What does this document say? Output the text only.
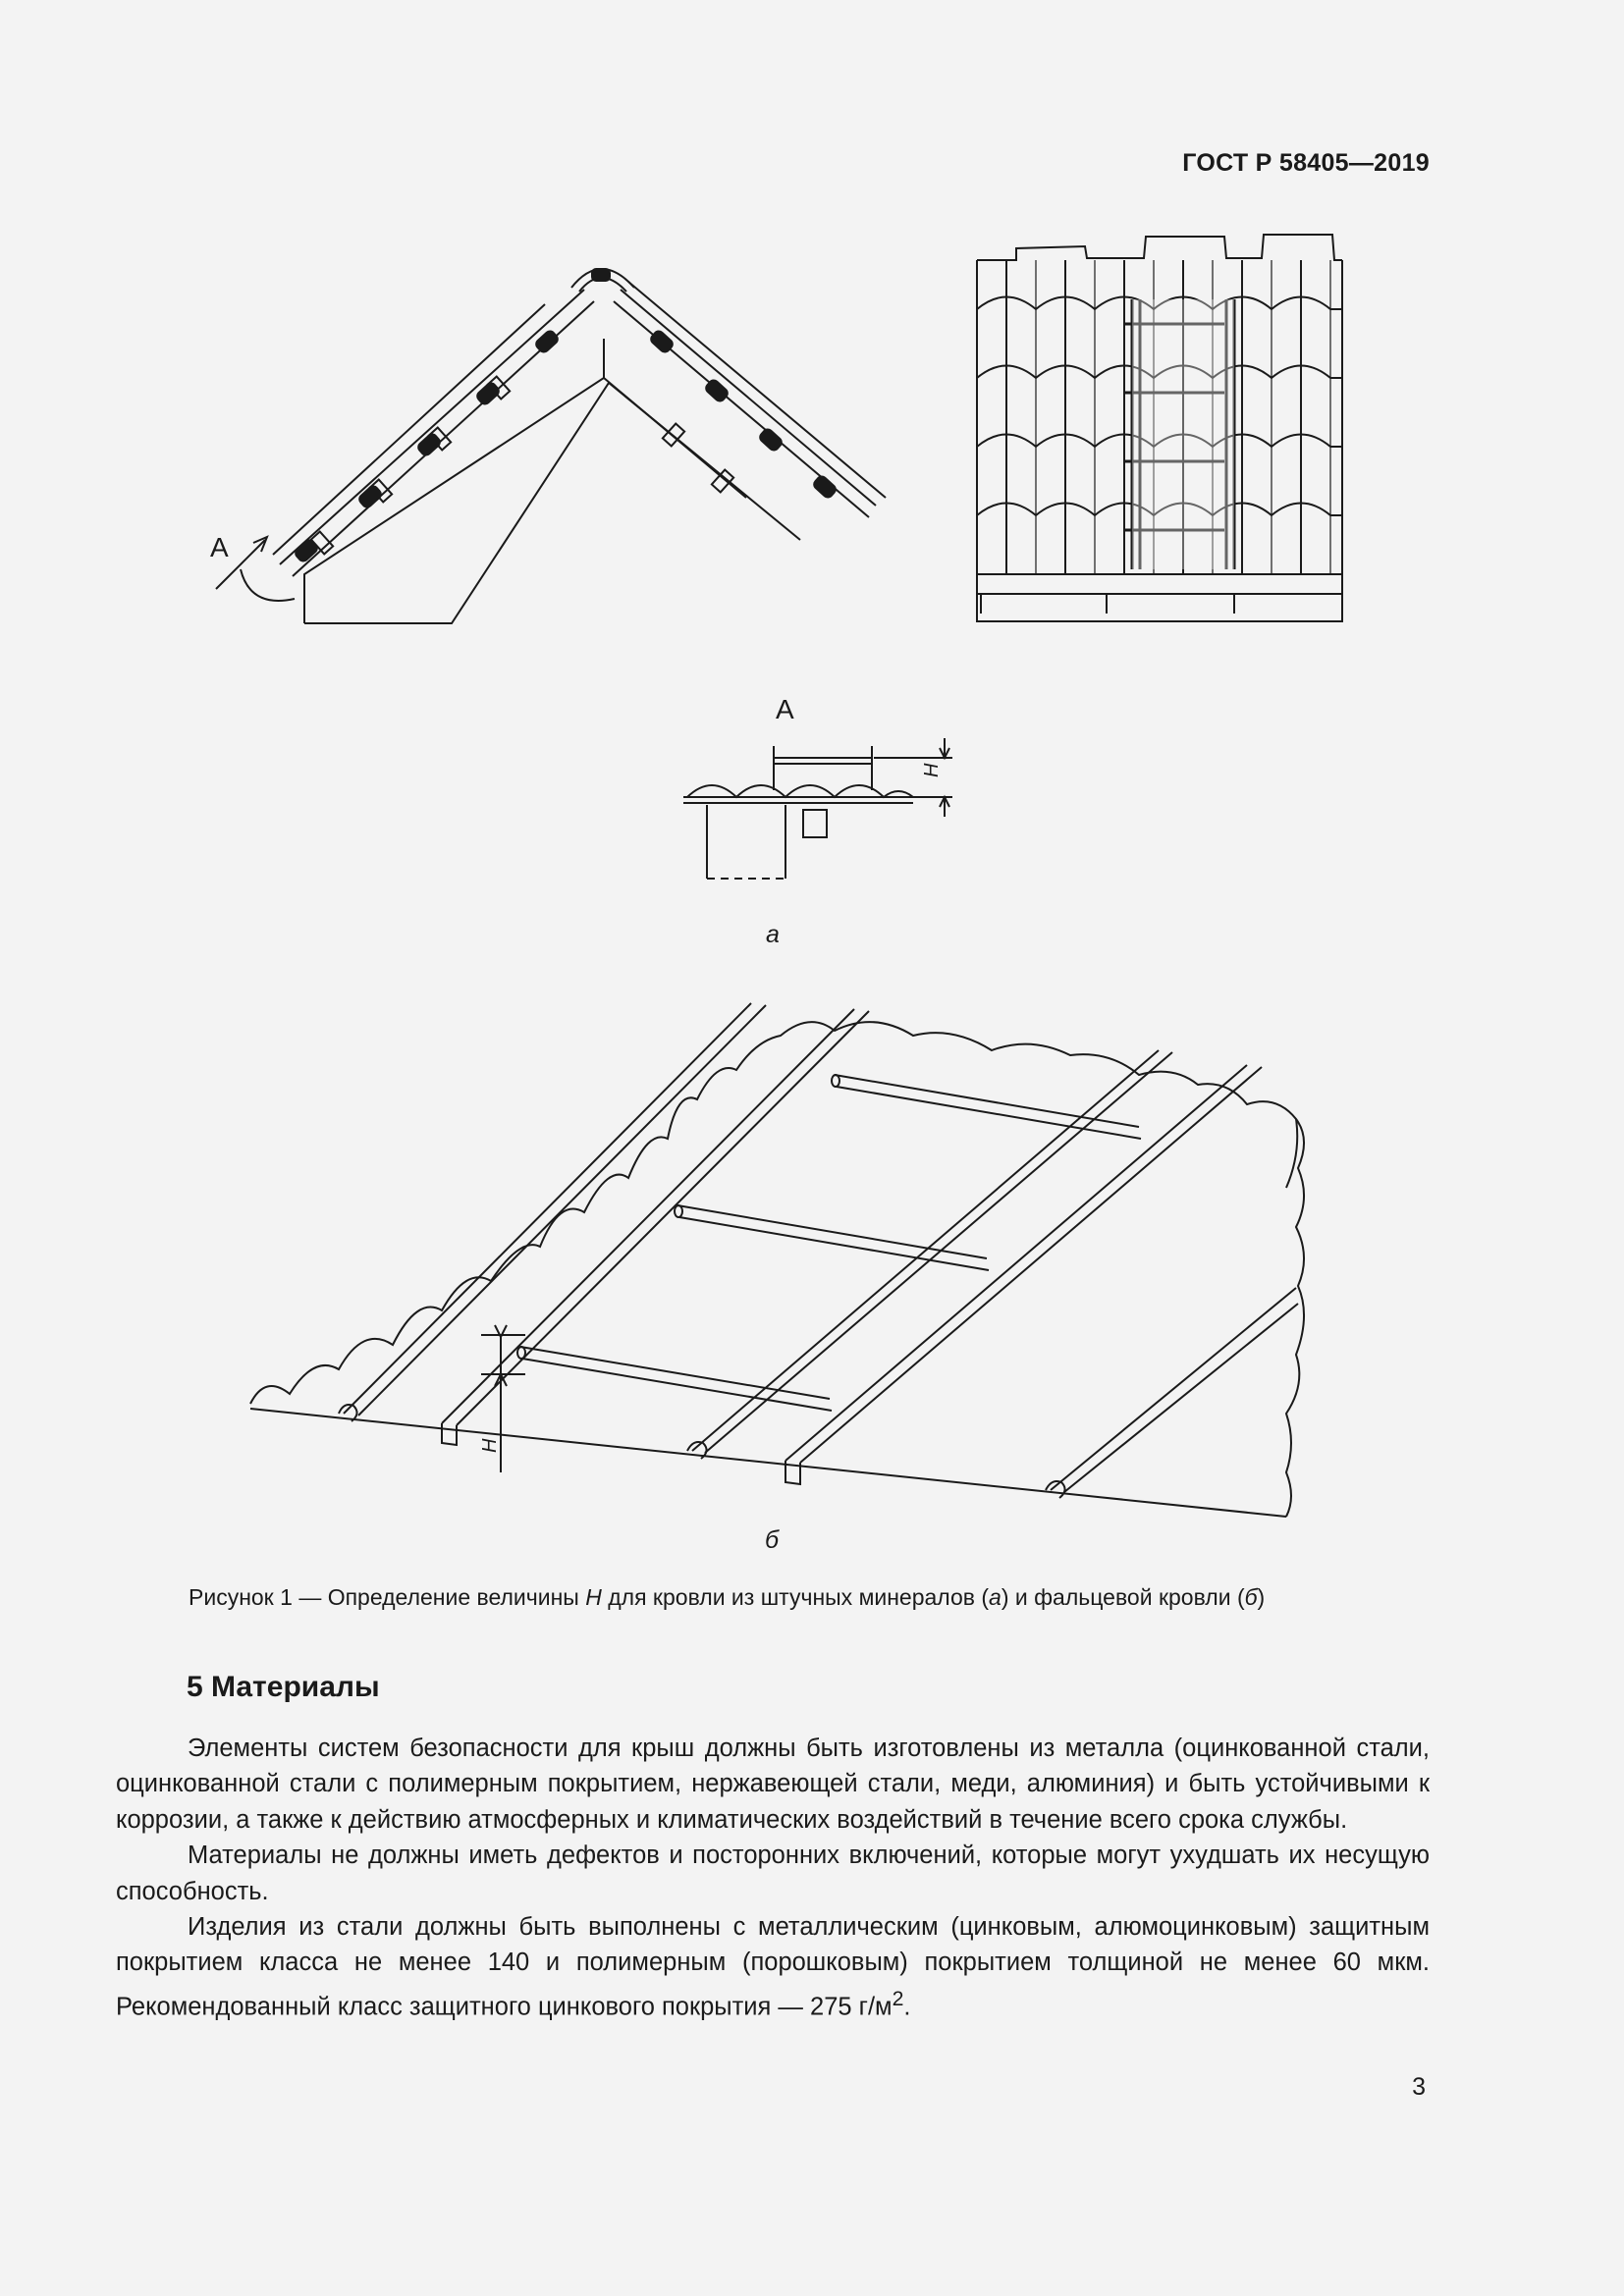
ГОСТ Р 58405—2019
А
А
H
а
H
б
Рисунок 1 — Определение величины H для кровли из штучных минералов (а) и фальцевой кровли (б)
5 Материалы

Элементы систем безопасности для крыш должны быть изготовлены из металла (оцинкованной стали, оцинкованной стали с полимерным покрытием, нержавеющей стали, меди, алюминия) и быть устойчивыми к коррозии, а также к действию атмосферных и климатических воздействий в течение всего срока службы.

Материалы не должны иметь дефектов и посторонних включений, которые могут ухудшать их несущую способность.

Изделия из стали должны быть выполнены с металлическим (цинковым, алюмоцинковым) защитным покрытием класса не менее 140 и полимерным (порошковым) покрытием толщиной не менее 60 мкм. Рекомендованный класс защитного цинкового покрытия — 275 $г/м^2$.

3
